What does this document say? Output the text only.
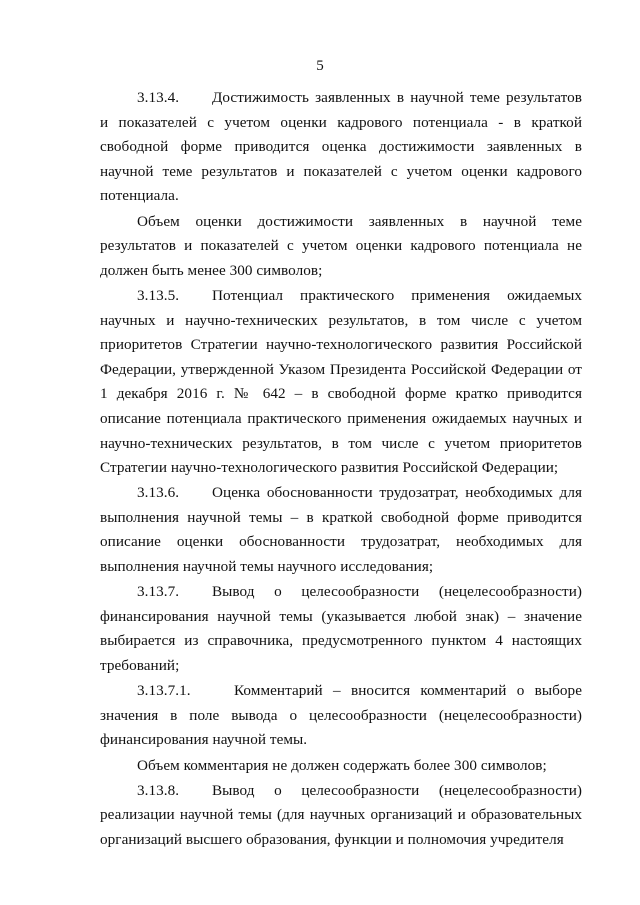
5

3.13.4. Достижимость заявленных в научной теме результатов и показателей с учетом оценки кадрового потенциала - в краткой свободной форме приводится оценка достижимости заявленных в научной теме результатов и показателей с учетом оценки кадрового потенциала.

Объем оценки достижимости заявленных в научной теме результатов и показателей с учетом оценки кадрового потенциала не должен быть менее 300 символов;

3.13.5. Потенциал практического применения ожидаемых научных и научно-технических результатов, в том числе с учетом приоритетов Стратегии научно-технологического развития Российской Федерации, утвержденной Указом Президента Российской Федерации от 1 декабря 2016 г. № 642 – в свободной форме кратко приводится описание потенциала практического применения ожидаемых научных и научно-технических результатов, в том числе с учетом приоритетов Стратегии научно-технологического развития Российской Федерации;

3.13.6. Оценка обоснованности трудозатрат, необходимых для выполнения научной темы – в краткой свободной форме приводится описание оценки обоснованности трудозатрат, необходимых для выполнения научной темы научного исследования;

3.13.7. Вывод о целесообразности (нецелесообразности) финансирования научной темы (указывается любой знак) – значение выбирается из справочника, предусмотренного пунктом 4 настоящих требований;

3.13.7.1.	Комментарий – вносится комментарий о выборе значения в поле вывода о целесообразности (нецелесообразности) финансирования научной темы.

Объем комментария не должен содержать более 300 символов;

3.13.8. Вывод о целесообразности (нецелесообразности) реализации научной темы (для научных организаций и образовательных организаций высшего образования, функции и полномочия учредителя
